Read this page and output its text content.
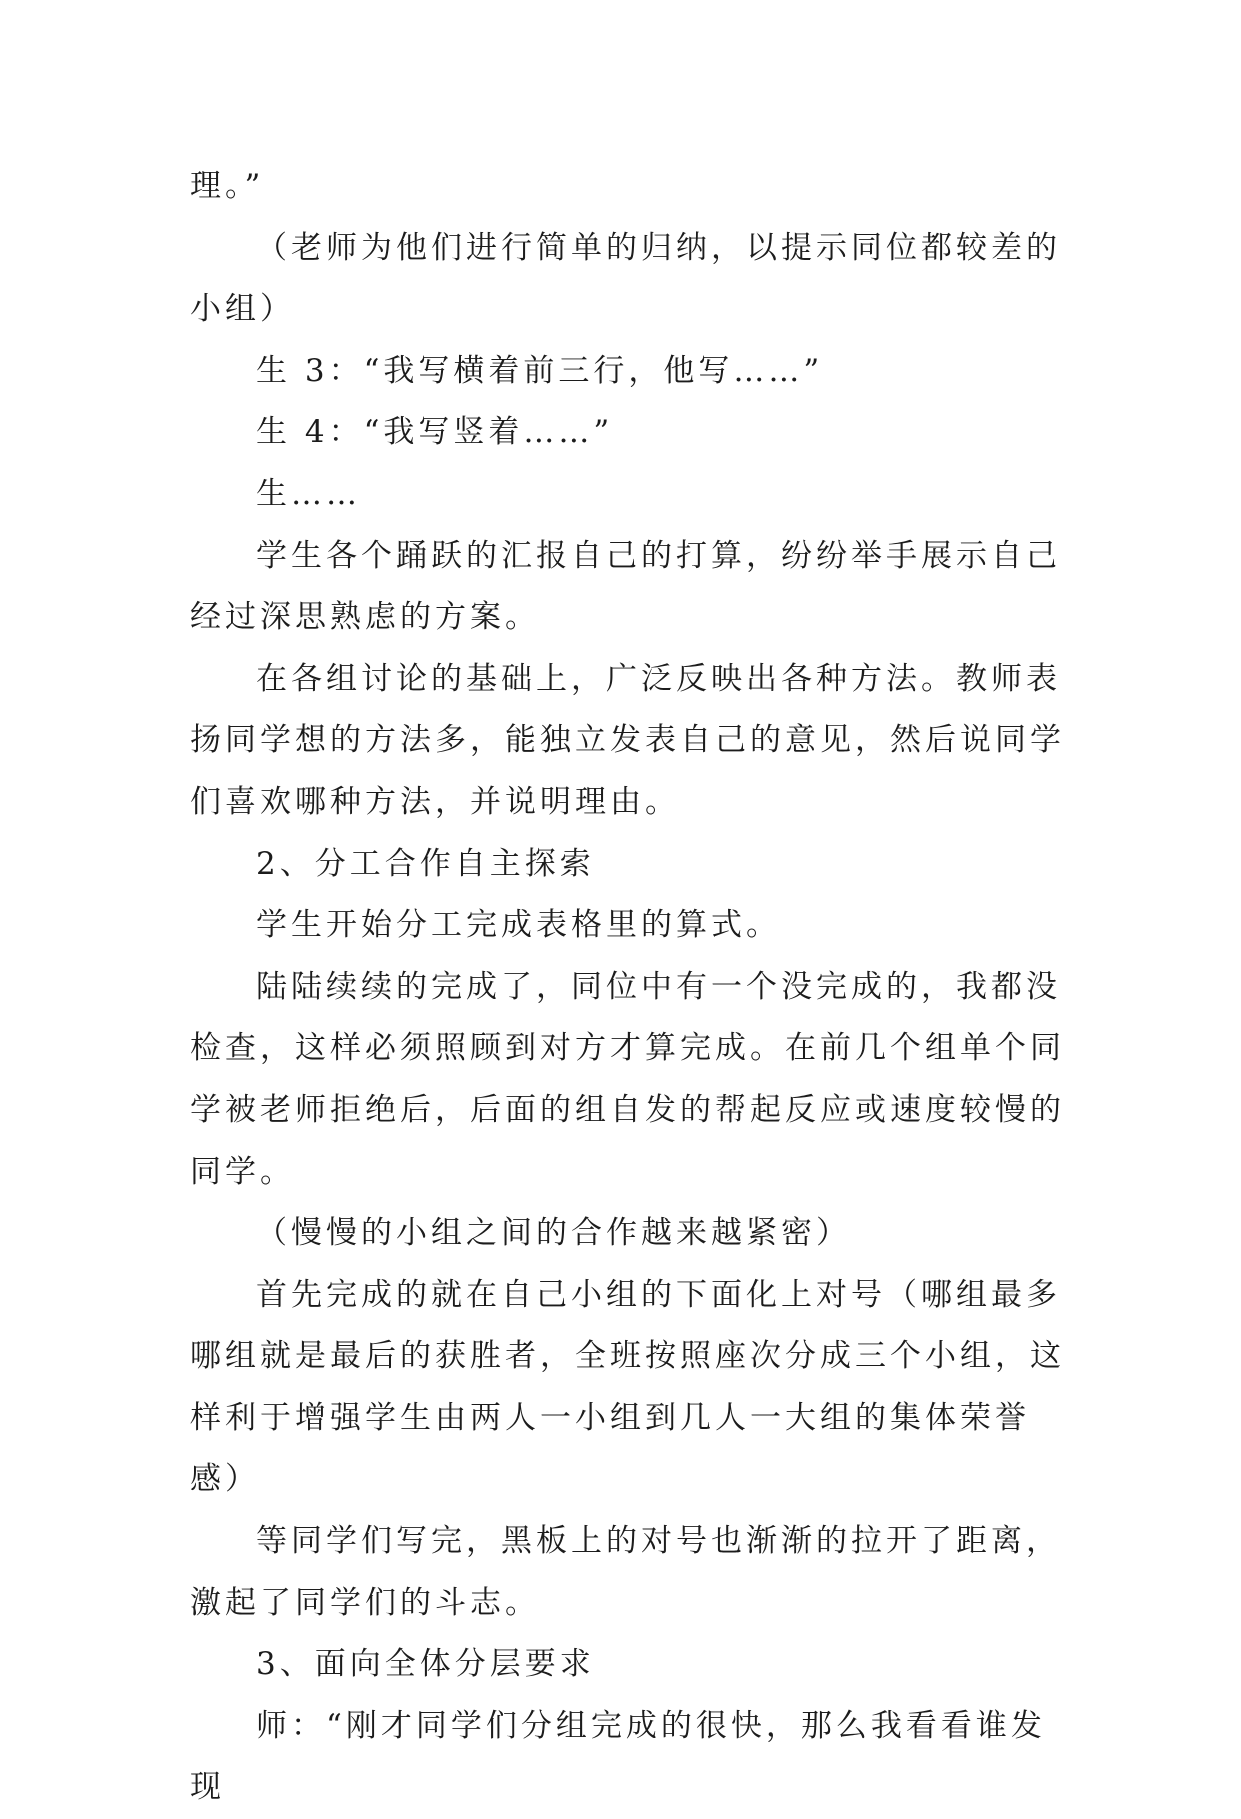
理。”

（老师为他们进行简单的归纳，以提示同位都较差的小组）

生 3：“我写横着前三行，他写……”

生 4：“我写竖着……”

生……

学生各个踊跃的汇报自己的打算，纷纷举手展示自己经过深思熟虑的方案。

在各组讨论的基础上，广泛反映出各种方法。教师表扬同学想的方法多，能独立发表自己的意见，然后说同学们喜欢哪种方法，并说明理由。

2、分工合作自主探索

学生开始分工完成表格里的算式。

陆陆续续的完成了，同位中有一个没完成的，我都没检查，这样必须照顾到对方才算完成。在前几个组单个同学被老师拒绝后，后面的组自发的帮起反应或速度较慢的同学。

（慢慢的小组之间的合作越来越紧密）

首先完成的就在自己小组的下面化上对号（哪组最多哪组就是最后的获胜者，全班按照座次分成三个小组，这样利于增强学生由两人一小组到几人一大组的集体荣誉感）

等同学们写完，黑板上的对号也渐渐的拉开了距离，激起了同学们的斗志。

3、面向全体分层要求

师：“刚才同学们分组完成的很快，那么我看看谁发现
